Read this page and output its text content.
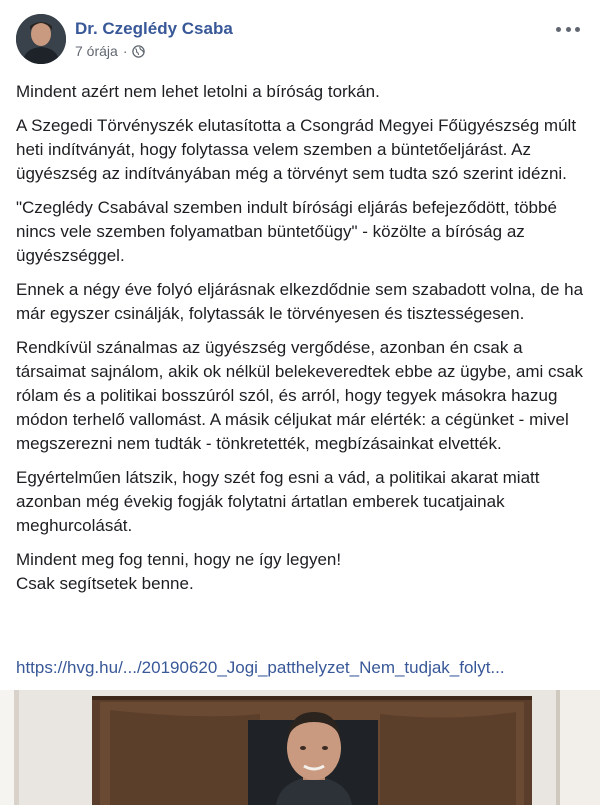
Dr. Czeglédy Csaba
7 órája ·

Mindent azért nem lehet letolni a bíróság torkán.

A Szegedi Törvényszék elutasította a Csongrád Megyei Főügyészség múlt heti indítványát, hogy folytassa velem szemben a büntetőeljárást. Az ügyészség az indítványában még a törvényt sem tudta szó szerint idézni.

"Czeglédy Csabával szemben indult bírósági eljárás befejeződött, többé nincs vele szemben folyamatban büntetőügy" - közölte a bíróság az ügyészséggel.

Ennek a négy éve folyó eljárásnak elkezdődnie sem szabadott volna, de ha már egyszer csinálják, folytassák le törvényesen és tisztességesen.

Rendkívül szánalmas az ügyészség vergődése, azonban én csak a társaimat sajnálom, akik ok nélkül belekeveredtek ebbe az ügybe, ami csak rólam és a politikai bosszúról szól, és arról, hogy tegyek másokra hazug módon terhelő vallomást. A másik céljukat már elérték: a cégünket - mivel megszerezni nem tudták - tönkretették, megbízásainkat elvették.

Egyértelműen látszik, hogy szét fog esni a vád, a politikai akarat miatt azonban még évekig fogják folytatni ártatlan emberek tucatjainak meghurcolását.

Mindent meg fog tenni, hogy ne így legyen!
Csak segítsetek benne.

https://hvg.hu/.../20190620_Jogi_patthelyzet_Nem_tudjak_folyt...
